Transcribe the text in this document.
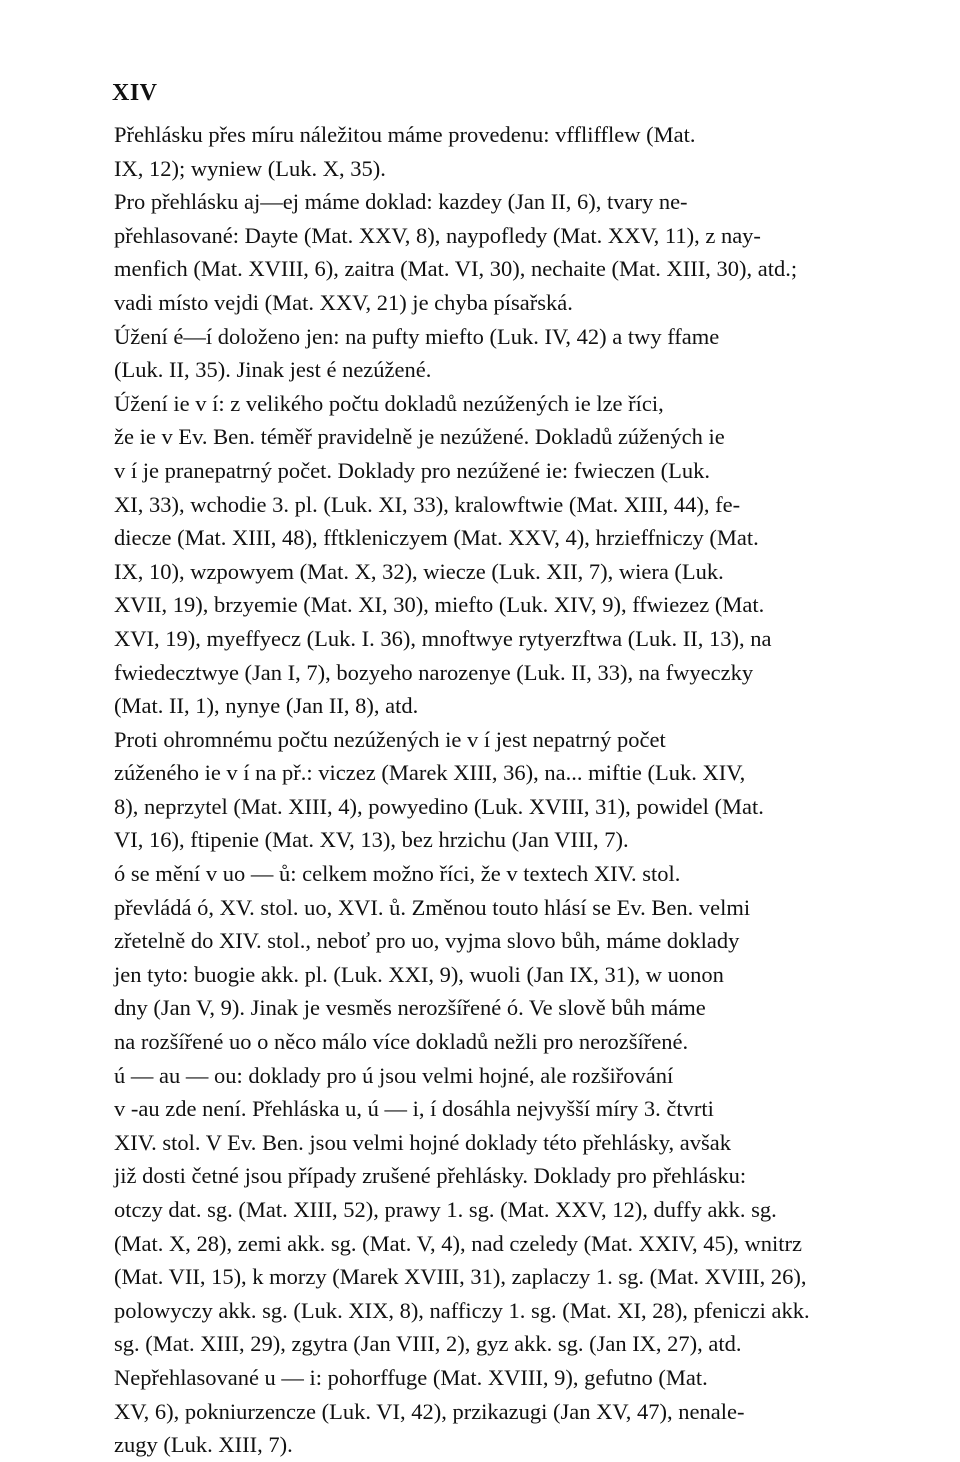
XIV
Přehlásku přes míru náležitou máme provedenu: vfflifflew (Mat.
IX, 12); wyniew (Luk. X, 35).
Pro přehlásku aj—ej máme doklad: kazdey (Jan II, 6), tvary ne-
přehlasované: Dayte (Mat. XXV, 8), naypofledy (Mat. XXV, 11), z nay-
menfich (Mat. XVIII, 6), zaitra (Mat. VI, 30), nechaite (Mat. XIII, 30), atd.;
vadi místo vejdi (Mat. XXV, 21) je chyba písařská.
Úžení é—í doloženo jen: na pufty miefto (Luk. IV, 42) a twy ffame
(Luk. II, 35). Jinak jest é nezúžené.
Úžení ie v í: z velikého počtu dokladů nezúžených ie lze říci,
že ie v Ev. Ben. téměř pravidelně je nezúžené. Dokladů zúžených ie
v í je pranepatrný počet. Doklady pro nezúžené ie: fwieczen (Luk.
XI, 33), wchodie 3. pl. (Luk. XI, 33), kralowftwie (Mat. XIII, 44), fe-
diecze (Mat. XIII, 48), fftkleniczyem (Mat. XXV, 4), hrzieffniczy (Mat.
IX, 10), wzpowyem (Mat. X, 32), wiecze (Luk. XII, 7), wiera (Luk.
XVII, 19), brzyemie (Mat. XI, 30), miefto (Luk. XIV, 9), ffwiezez (Mat.
XVI, 19), myeffyecz (Luk. I. 36), mnoftwye rytyerzftwa (Luk. II, 13), na
fwiedecztwye (Jan I, 7), bozyeho narozenye (Luk. II, 33), na fwyeczky
(Mat. II, 1), nynye (Jan II, 8), atd.
Proti ohromnému počtu nezúžených ie v í jest nepatrný počet
zúženého ie v í na př.: viczez (Marek XIII, 36), na... miftie (Luk. XIV,
8), neprzytel (Mat. XIII, 4), powyedino (Luk. XVIII, 31), powidel (Mat.
VI, 16), ftipenie (Mat. XV, 13), bez hrzichu (Jan VIII, 7).
ó se mění v uo — ů: celkem možno říci, že v textech XIV. stol.
převládá ó, XV. stol. uo, XVI. ů. Změnou touto hlásí se Ev. Ben. velmi
zřetelně do XIV. stol., neboť pro uo, vyjma slovo bůh, máme doklady
jen tyto: buogie akk. pl. (Luk. XXI, 9), wuoli (Jan IX, 31), w uonon
dny (Jan V, 9). Jinak je vesměs nerozšířené ó. Ve slově bůh máme
na rozšířené uo o něco málo více dokladů nežli pro nerozšířené.
ú — au — ou: doklady pro ú jsou velmi hojné, ale rozšiřování
v -au zde není. Přehláska u, ú — i, í dosáhla nejvyšší míry 3. čtvrti
XIV. stol. V Ev. Ben. jsou velmi hojné doklady této přehlásky, avšak
již dosti četné jsou případy zrušené přehlásky. Doklady pro přehlásku:
otczy dat. sg. (Mat. XIII, 52), prawy 1. sg. (Mat. XXV, 12), duffy akk. sg.
(Mat. X, 28), zemi akk. sg. (Mat. V, 4), nad czeledy (Mat. XXIV, 45), wnitrz
(Mat. VII, 15), k morzy (Marek XVIII, 31), zaplaczy 1. sg. (Mat. XVIII, 26),
polowyczy akk. sg. (Luk. XIX, 8), nafficzy 1. sg. (Mat. XI, 28), pfeniczi akk.
sg. (Mat. XIII, 29), zgytra (Jan VIII, 2), gyz akk. sg. (Jan IX, 27), atd.
Nepřehlasované u — i: pohorffuge (Mat. XVIII, 9), gefutno (Mat.
XV, 6), pokniurzencze (Luk. VI, 42), przikazugi (Jan XV, 47), nenale-
zugy (Luk. XIII, 7).
